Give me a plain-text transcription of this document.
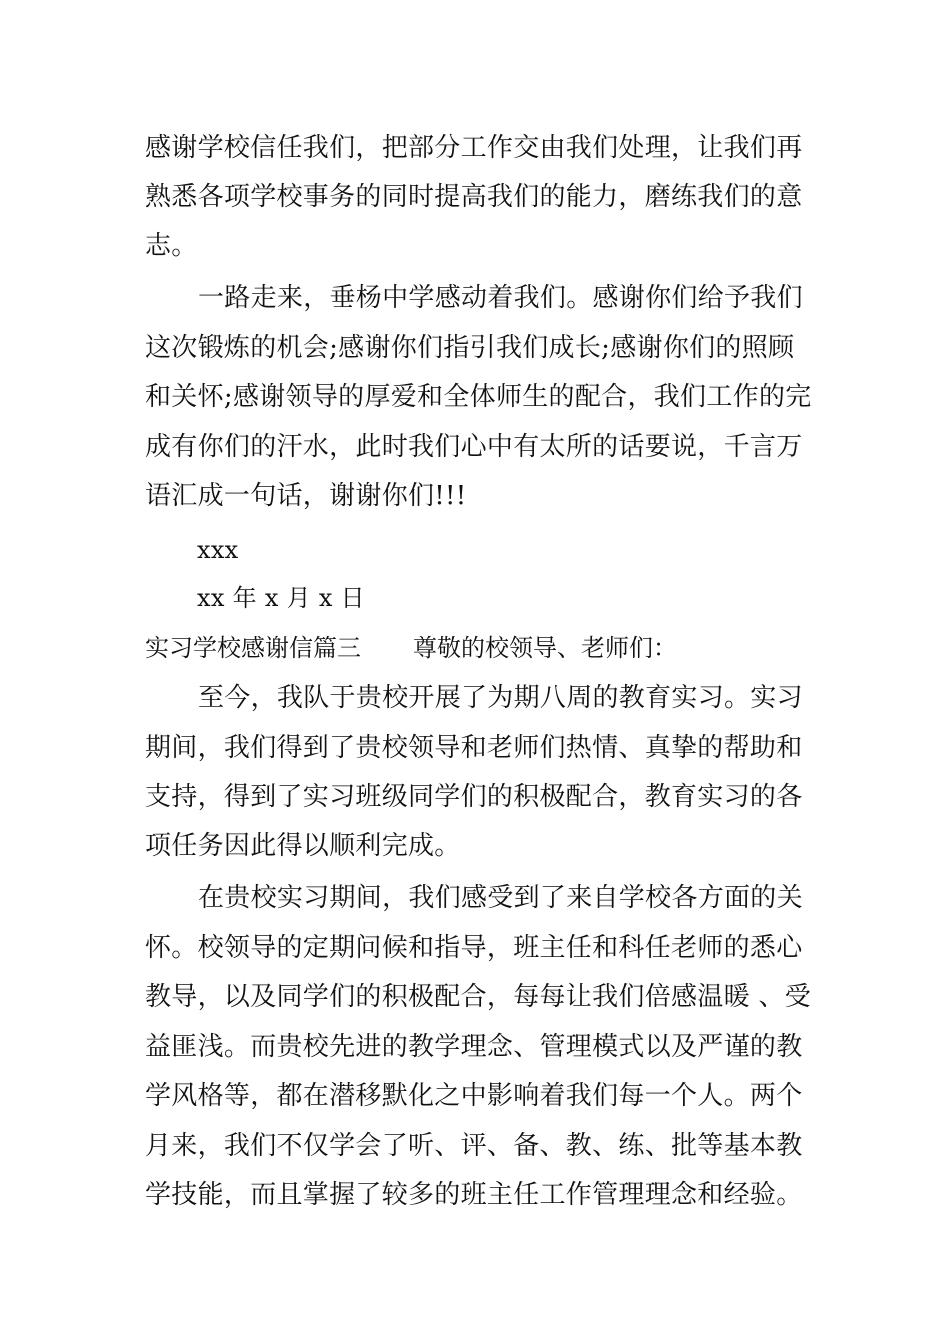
感谢学校信任我们，把部分工作交由我们处理，让我们再
熟悉各项学校事务的同时提高我们的能力，磨练我们的意
志。
一路走来，垂杨中学感动着我们。感谢你们给予我们
这次锻炼的机会;感谢你们指引我们成长;感谢你们的照顾
和关怀;感谢领导的厚爱和全体师生的配合，我们工作的完
成有你们的汗水，此时我们心中有太所的话要说，千言万
语汇成一句话，谢谢你们!!!
xxx
xx 年 x 月 x 日
实习学校感谢信篇三 尊敬的校领导、老师们：
至今，我队于贵校开展了为期八周的教育实习。实习
期间，我们得到了贵校领导和老师们热情、真挚的帮助和
支持，得到了实习班级同学们的积极配合，教育实习的各
项任务因此得以顺利完成。
在贵校实习期间，我们感受到了来自学校各方面的关
怀。校领导的定期问候和指导，班主任和科任老师的悉心
教导，以及同学们的积极配合，每每让我们倍感温暖 、受
益匪浅。而贵校先进的教学理念、管理模式以及严谨的教
学风格等，都在潜移默化之中影响着我们每一个人。两个
月来，我们不仅学会了听、评、备、教、练、批等基本教
学技能，而且掌握了较多的班主任工作管理理念和经验。
